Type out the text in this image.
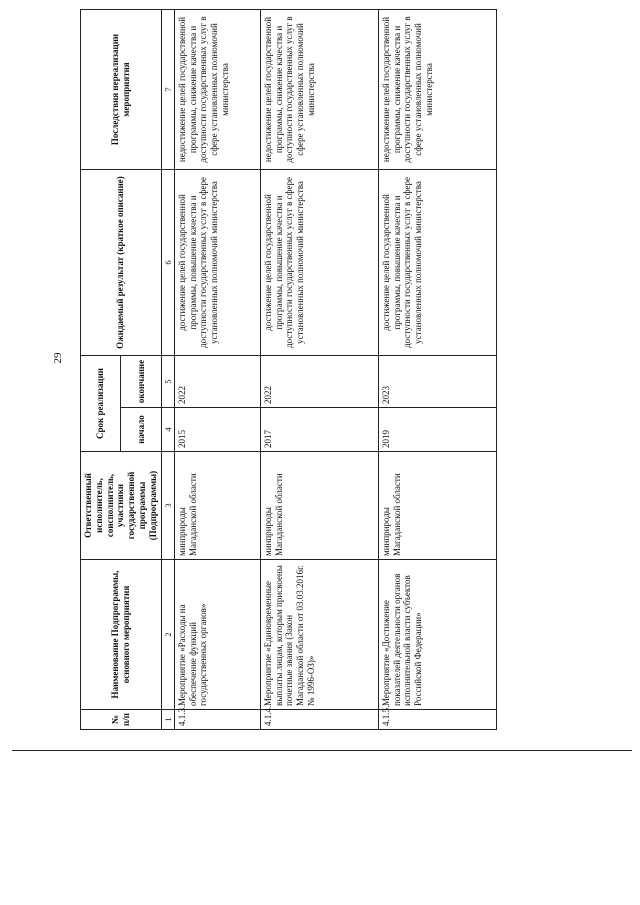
29
№ п/п	Наименование Подпрограммы, основного мероприятия	Ответственный исполнитель, соисполнитель, участники государственной программы (Подпрограммы)	Срок реализации		Ожидаемый результат (краткое описание)	Последствия нереализации мероприятия
			начало	окончание		
1	2	3	4	5	6	7
4.1.3.	Мероприятие «Расходы на обеспечение функций государственных органов»	минприроды Магаданской области	2015	2022	достижение целей государственной программы, повышение качества и доступности государственных услуг в сфере установленных полномочий министерства	недостижение целей государственной программы, снижение качества и доступности государственных услуг в сфере установленных полномочий министерства
4.1.4.	Мероприятие «Единовременные выплаты лицам, которым присвоены почетные звания (Закон Магаданской области от 03.03.2016г. № 1996-ОЗ)»	минприроды Магаданской области	2017	2022	достижение целей государственной программы, повышение качества и доступности государственных услуг в сфере установленных полномочий министерства	недостижение целей государственной программы, снижение качества и доступности государственных услуг в сфере установленных полномочий министерства
4.1.5.	Мероприятие «Достижение показателей деятельности органов исполнительной власти субъектов Российской Федерации»	минприроды Магаданской области	2019	2023	достижение целей государственной программы, повышение качества и доступности государственных услуг в сфере установленных полномочий министерства	недостижение целей государственной программы, снижение качества и доступности государственных услуг в сфере установленных полномочий министерства
